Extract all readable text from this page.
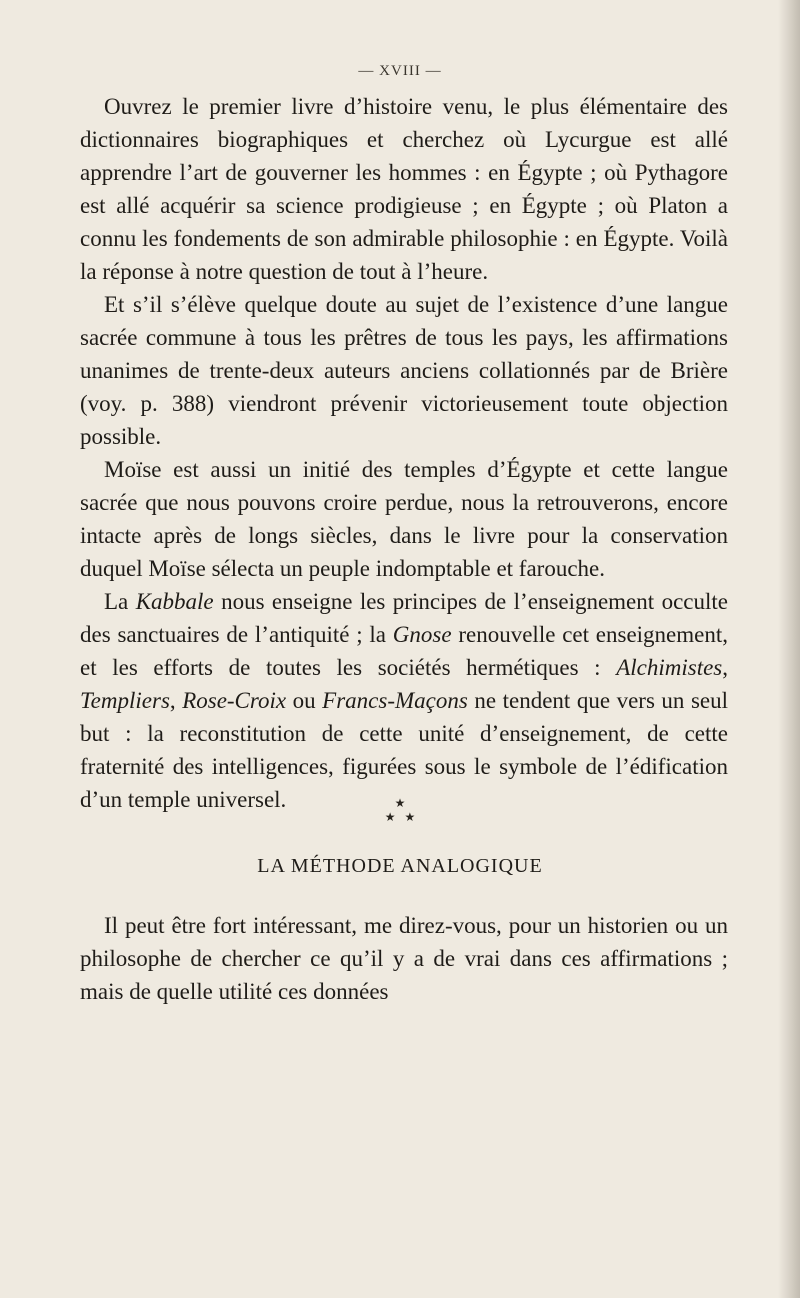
— XVIII —

Ouvrez le premier livre d’histoire venu, le plus élémentaire des dictionnaires biographiques et cherchez où Lycurgue est allé apprendre l’art de gouverner les hommes : en Égypte ; où Pythagore est allé acquérir sa science prodigieuse ; en Égypte ; où Platon a connu les fondements de son admirable philosophie : en Égypte. Voilà la réponse à notre question de tout à l’heure.

Et s’il s’élève quelque doute au sujet de l’existence d’une langue sacrée commune à tous les prêtres de tous les pays, les affirmations unanimes de trente-deux auteurs anciens collationnés par de Brière (voy. p. 388) viendront prévenir victorieusement toute objection possible.

Moïse est aussi un initié des temples d’Égypte et cette langue sacrée que nous pouvons croire perdue, nous la retrouverons, encore intacte après de longs siècles, dans le livre pour la conservation duquel Moïse sélecta un peuple indomptable et farouche.

La Kabbale nous enseigne les principes de l’enseignement occulte des sanctuaires de l’antiquité ; la Gnose renouvelle cet enseignement, et les efforts de toutes les sociétés hermétiques : Alchimistes, Templiers, Rose-Croix ou Francs-Maçons ne tendent que vers un seul but : la reconstitution de cette unité d’enseignement, de cette fraternité des intelligences, figurées sous le symbole de l’édification d’un temple universel.	★
★   ★
LA MÉTHODE ANALOGIQUE

Il peut être fort intéressant, me direz-vous, pour un historien ou un philosophe de chercher ce qu’il y a de vrai dans ces affirmations ; mais de quelle utilité ces données
